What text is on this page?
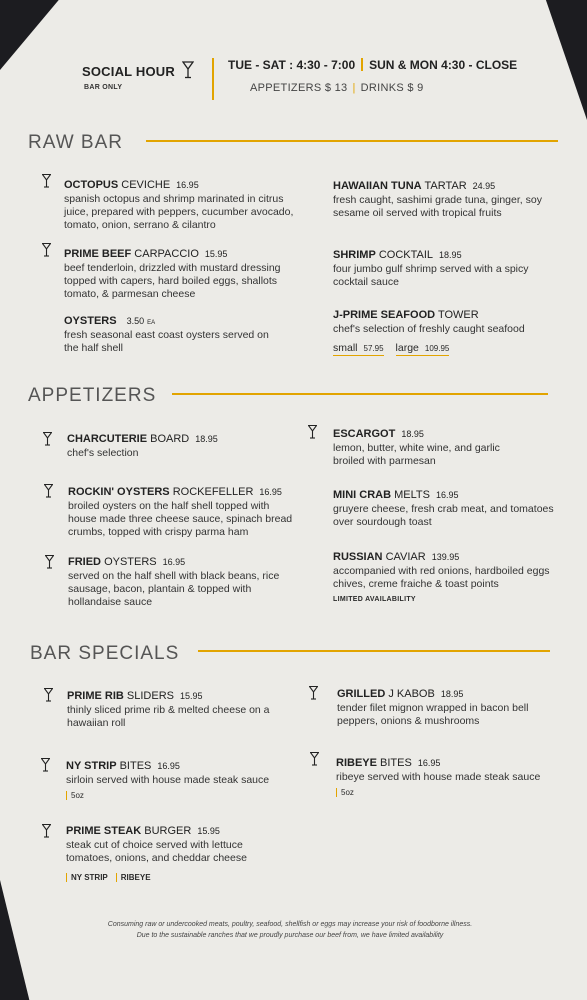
SOCIAL HOUR
BAR ONLY
TUE - SAT : 4:30 - 7:00 SUN & MON 4:30 - CLOSE
APPETIZERS $ 13 | DRINKS $ 9
RAW BAR
OCTOPUS CEVICHE 16.95
spanish octopus and shrimp marinated in citrus juice, prepared with peppers, cucumber avocado, tomato, onion, serrano & cilantro
HAWAIIAN TUNA TARTAR 24.95
fresh caught, sashimi grade tuna, ginger, soy sesame oil served with tropical fruits
PRIME BEEF CARPACCIO 15.95
beef tenderloin, drizzled with mustard dressing topped with capers, hard boiled eggs, shallots tomato, & parmesan cheese
SHRIMP COCKTAIL 18.95
four jumbo gulf shrimp served with a spicy cocktail sauce
OYSTERS 3.50 EA
fresh seasonal east coast oysters served on the half shell
J-PRIME SEAFOOD TOWER
chef's selection of freshly caught seafood
small 57.95 large 109.95
APPETIZERS
CHARCUTERIE BOARD 18.95
chef's selection
ESCARGOT 18.95
lemon, butter, white wine, and garlic broiled with parmesan
ROCKIN' OYSTERS ROCKEFELLER 16.95
broiled oysters on the half shell topped with house made three cheese sauce, spinach bread crumbs, topped with crispy parma ham
MINI CRAB MELTS 16.95
gruyere cheese, fresh crab meat, and tomatoes over sourdough toast
FRIED OYSTERS 16.95
served on the half shell with black beans, rice sausage, bacon, plantain & topped with hollandaise sauce
RUSSIAN CAVIAR 139.95
accompanied with red onions, hardboiled eggs chives, creme fraiche & toast points
LIMITED AVAILABILITY
BAR SPECIALS
PRIME RIB SLIDERS 15.95
thinly sliced prime rib & melted cheese on a hawaiian roll
GRILLED J KABOB 18.95
tender filet mignon wrapped in bacon bell peppers, onions & mushrooms
NY STRIP BITES 16.95
sirloin served with house made steak sauce
5oz
RIBEYE BITES 16.95
ribeye served with house made steak sauce
5oz
PRIME STEAK BURGER 15.95
steak cut of choice served with lettuce tomatoes, onions, and cheddar cheese
NY STRIP RIBEYE
Consuming raw or undercooked meats, poultry, seafood, shellfish or eggs may increase your risk of foodborne illness.
Due to the sustainable ranches that we proudly purchase our beef from, we have limited availability
